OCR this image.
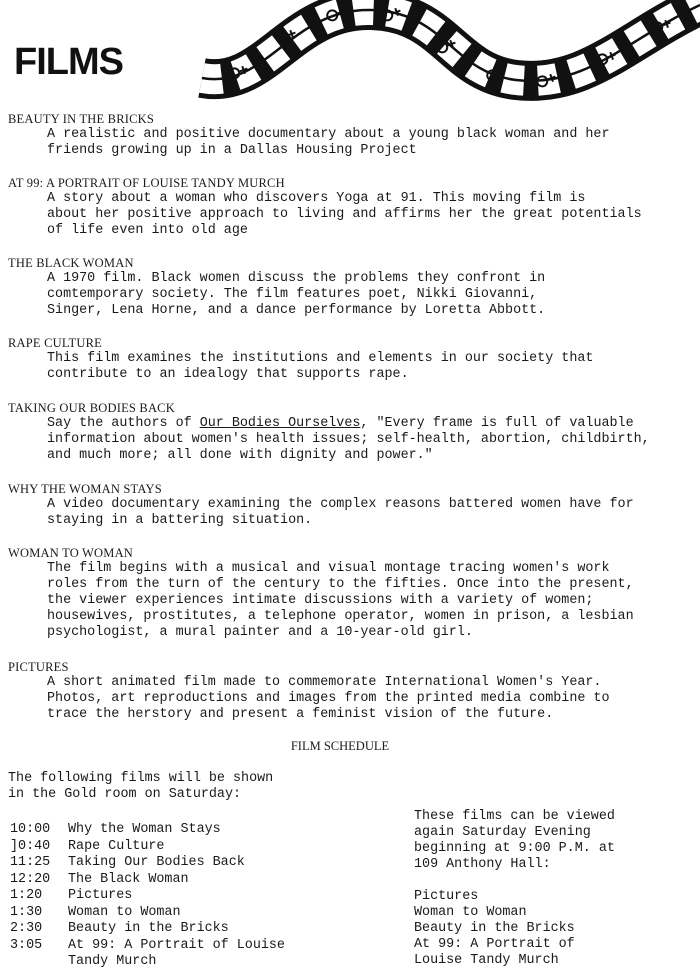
FILMS	+
BEAUTY IN THE BRICKS
A realistic and positive documentary about a young black woman and her
friends growing up in a Dallas Housing Project
AT 99: A PORTRAIT OF LOUISE TANDY MURCH
A story about a woman who discovers Yoga at 91. This moving film is
about her positive approach to living and affirms her the great potentials
of life even into old age
THE BLACK WOMAN
A 1970 film. Black women discuss the problems they confront in
comtemporary society. The film features poet, Nikki Giovanni,
Singer, Lena Horne, and a dance performance by Loretta Abbott.
RAPE CULTURE
This film examines the institutions and elements in our society that
contribute to an idealogy that supports rape.
TAKING OUR BODIES BACK
Say the authors of Our Bodies Ourselves, "Every frame is full of valuable
information about women's health issues; self-health, abortion, childbirth,
and much more; all done with dignity and power."
WHY THE WOMAN STAYS
A video documentary examining the complex reasons battered women have for
staying in a battering situation.
WOMAN TO WOMAN
The film begins with a musical and visual montage tracing women's work
roles from the turn of the century to the fifties. Once into the present,
the viewer experiences intimate discussions with a variety of women;
housewives, prostitutes, a telephone operator, women in prison, a lesbian
psychologist, a mural painter and a 10-year-old girl.
PICTURES
A short animated film made to commemorate International Women's Year.
Photos, art reproductions and images from the printed media combine to
trace the herstory and present a feminist vision of the future.
FILM SCHEDULE
The following films will be shown
in the Gold room on Saturday:
10:00	Why the Woman Stays
]0:40	Rape Culture
11:25	Taking Our Bodies Back
12:20	The Black Woman
1:20	Pictures
1:30	Woman to Woman
2:30	Beauty in the Bricks
3:05	At 99: A Portrait of Louise
Tandy Murch
These films can be viewed
again Saturday Evening
beginning at 9:00 P.M. at
109 Anthony Hall:
Pictures
Woman to Woman
Beauty in the Bricks
At 99: A Portrait of
Louise Tandy Murch
